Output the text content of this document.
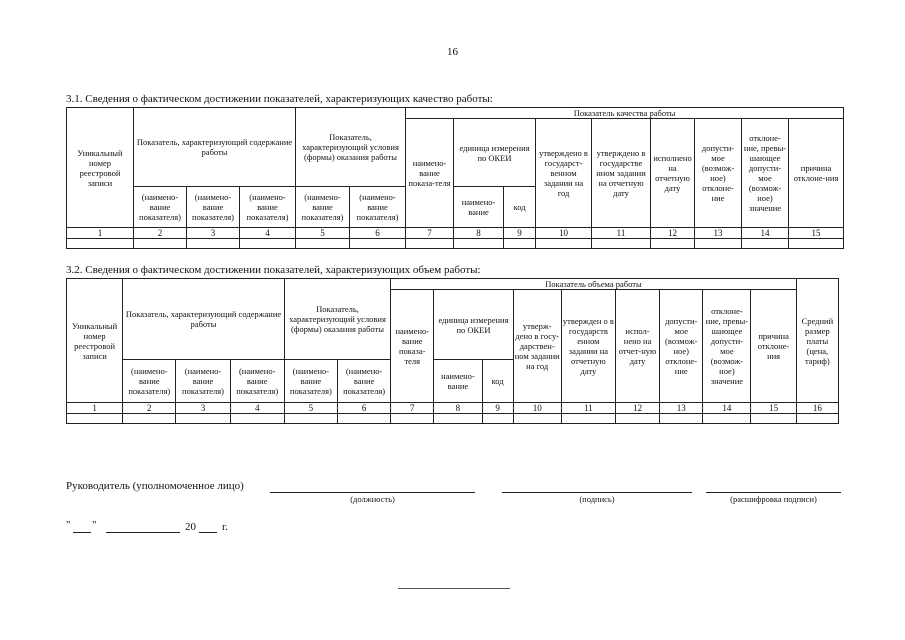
16
3.1. Сведения о фактическом достижении показателей, характеризующих качество работы:
Уникальный номер реестровой записи	Показатель, характеризующий содержание работы			Показатель, характеризующий условия (формы) оказания работы		Показатель качества работы								
						наимено-вание показа-теля	единица измерения по ОКЕИ		утверждено в государст-венном задании на год	утверждено в государстве нном задании на отчетную дату	исполнено на отчетную дату	допусти-мое (возмож-ное) отклоне-ние	отклоне-ние, превы-шающее допусти-мое (возмож-ное) значение	причина отклоне-ния
	(наимено-вание показателя)	(наимено-вание показателя)	(наимено-вание показателя)	(наимено-вание показателя)	(наимено-вание показателя)		наимено-вание	код						
1	2	3	4	5	6	7	8	9	10	11	12	13	14	15

3.2. Сведения о фактическом достижении показателей, характеризующих объем работы:
Уникальный номер реестровой записи	Показатель, характеризующий содержание работы			Показатель, характеризующий условия (формы) оказания работы		Показатель объема работы									Средний размер платы (цена, тариф)
						наимено-вание показа-теля	единица измерения по ОКЕИ		утверж-дено в госу-дарствен-ном задании на год	утвержден о в государств енном задании на отчетную дату	испол-нено на отчет-ную дату	допусти-мое (возмож-ное) отклоне-ние	отклоне-ние, превы-шающее допусти-мое (возмож-ное) значение	причина отклоне-ния	
	(наимено-вание показателя)	(наимено-вание показателя)	(наимено-вание показателя)	(наимено-вание показателя)	(наимено-вание показателя)		наимено-вание	код							
1	2	3	4	5	6	7	8	9	10	11	12	13	14	15	16

Руководитель (уполномоченное лицо)
(должность)	(подпись)	(расшифровка подписи)
" "	20 г.
